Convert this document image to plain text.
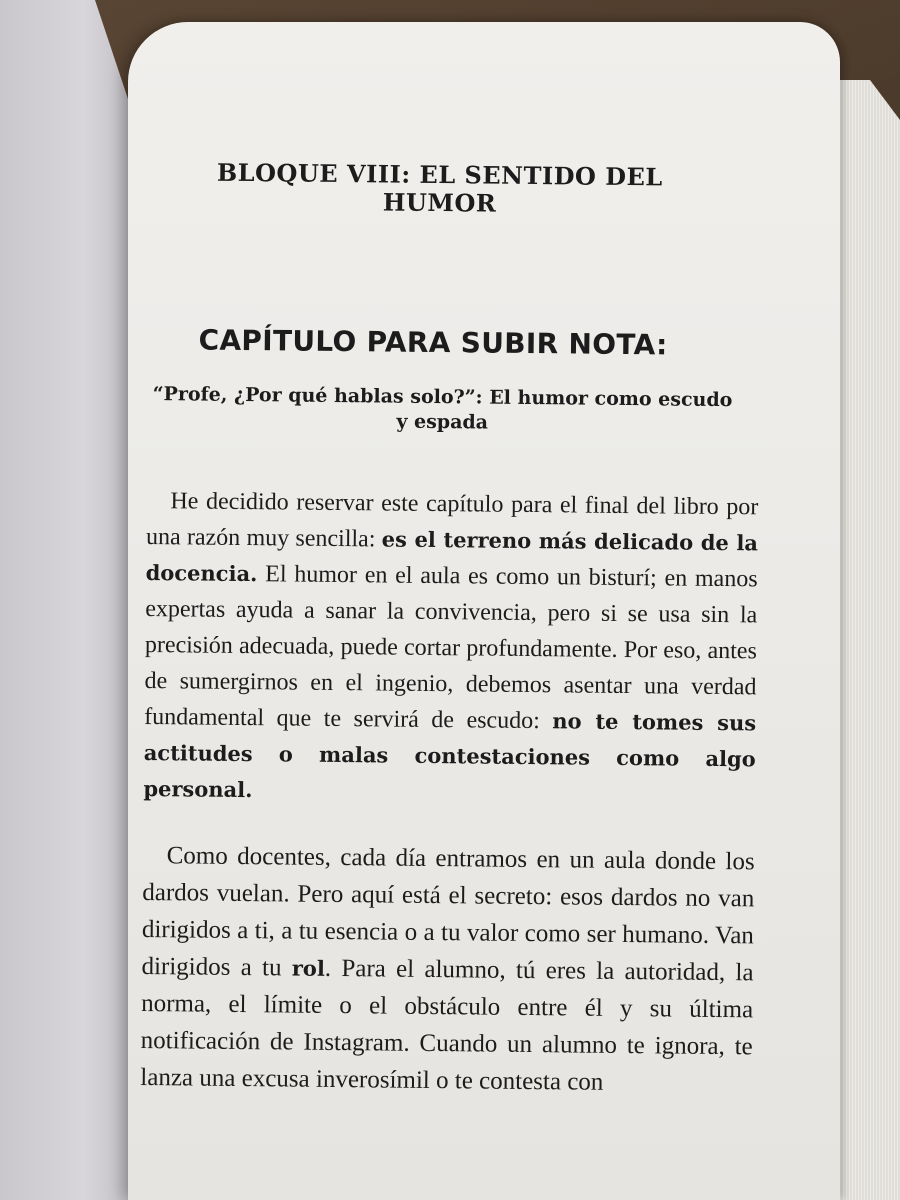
BLOQUE VIII: EL SENTIDO DEL HUMOR
CAPÍTULO PARA SUBIR NOTA:
“Profe, ¿Por qué hablas solo?”: El humor como escudo y espada

He decidido reservar este capítulo para el final del libro por una razón muy sencilla: es el terreno más delicado de la docencia. El humor en el aula es como un bisturí; en manos expertas ayuda a sanar la convivencia, pero si se usa sin la precisión adecuada, puede cortar profundamente. Por eso, antes de sumergirnos en el ingenio, debemos asentar una verdad fundamental que te servirá de escudo: no te tomes sus actitudes o malas contestaciones como algo personal.

Como docentes, cada día entramos en un aula donde los dardos vuelan. Pero aquí está el secreto: esos dardos no van dirigidos a ti, a tu esencia o a tu valor como ser humano. Van dirigidos a tu rol. Para el alumno, tú eres la autoridad, la norma, el límite o el obstáculo entre él y su última notificación de Instagram. Cuando un alumno te ignora, te lanza una excusa inverosímil o te contesta con
